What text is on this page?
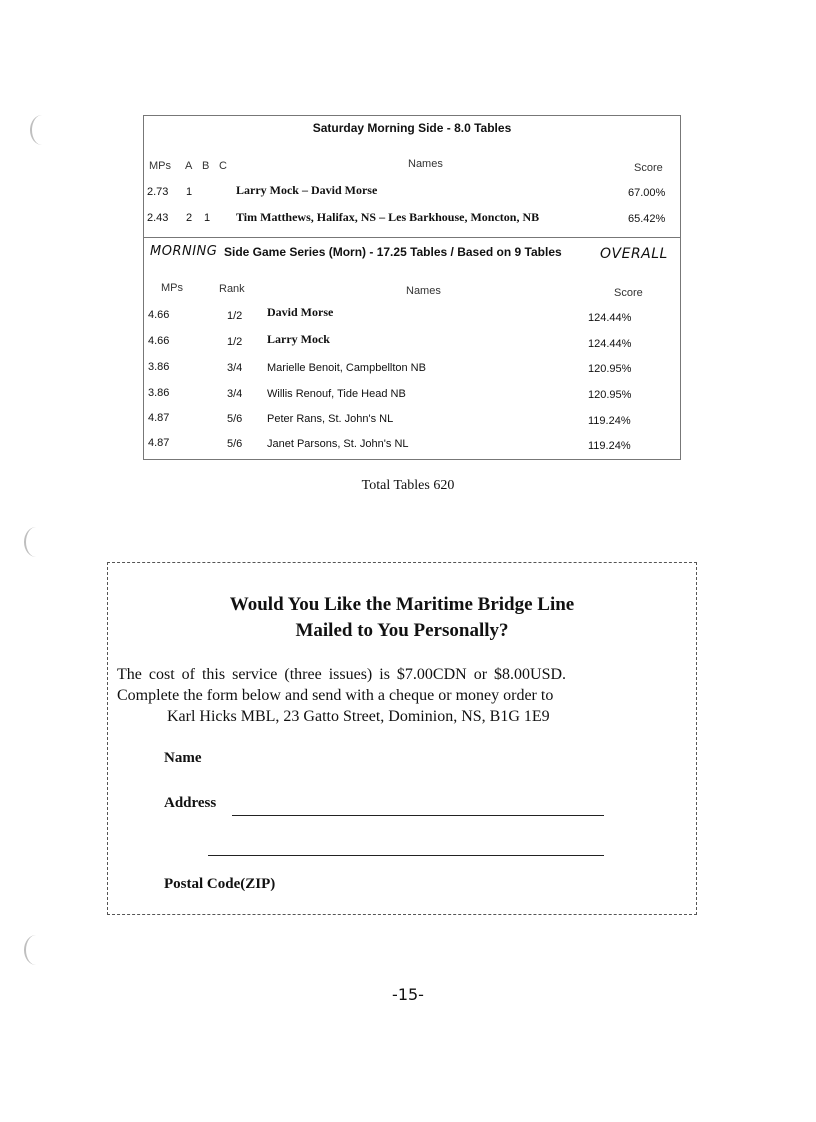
Saturday Morning Side - 8.0 Tables
MPs A B C	Names	Score
2.73 1	Larry Mock – David Morse	67.00%
2.43 2 1 Tim Matthews, Halifax, NS – Les Barkhouse, Moncton, NB	65.42%
MORNING Side Game Series (Morn) - 17.25 Tables / Based on 9 Tables	OVERALL
MPs	Rank	Names	Score
4.66	1/2 David Morse	124.44%
4.66	1/2 Larry Mock	124.44%
3.86	3/4 Marielle Benoit, Campbellton NB	120.95%
3.86	3/4 Willis Renouf, Tide Head NB	120.95%
4.87	5/6 Peter Rans, St. John's NL	119.24%
4.87	5/6 Janet Parsons, St. John's NL	119.24%
Total Tables 620
Would You Like the Maritime Bridge Line
Mailed to You Personally?
The cost of this service (three issues) is $7.00CDN or $8.00USD.
Complete the form below and send with a cheque or money order to
Karl Hicks MBL, 23 Gatto Street, Dominion, NS, B1G 1E9
Name
Address
Postal Code(ZIP)
-15-
